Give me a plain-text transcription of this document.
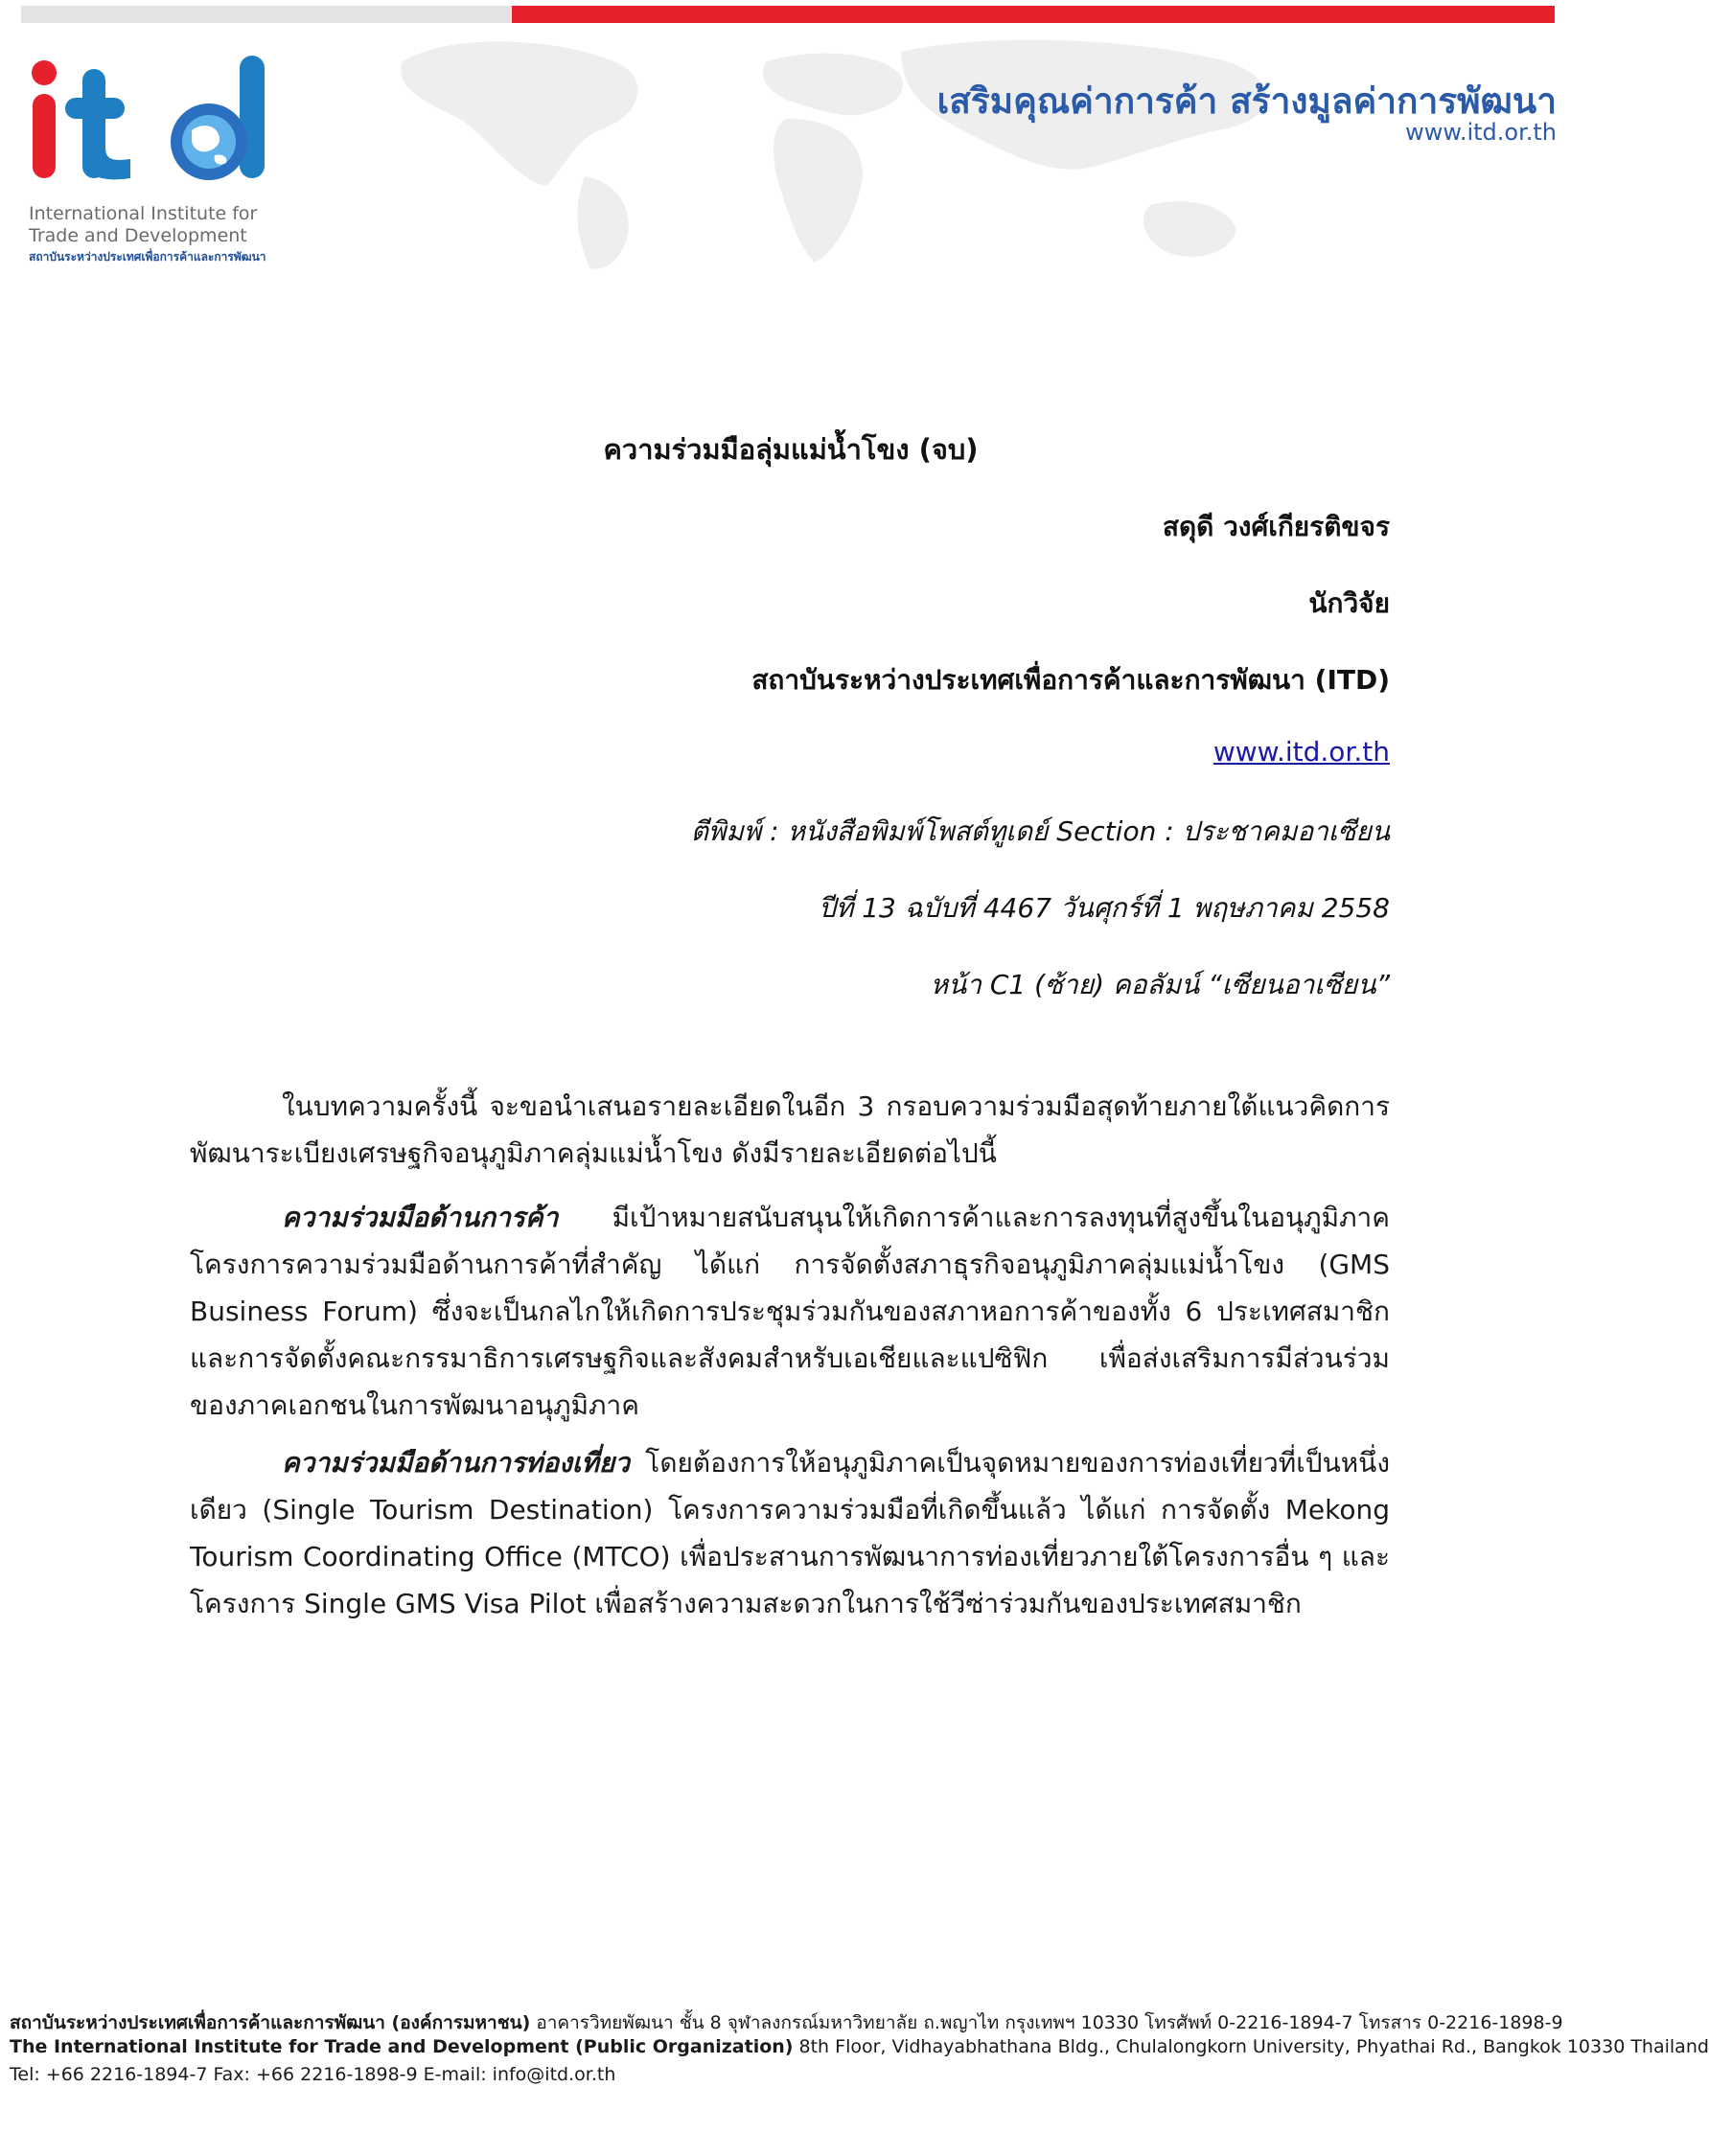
International Institute for
Trade and Development
สถาบันระหว่างประเทศเพื่อการค้าและการพัฒนา
เสริมคุณค่าการค้า สร้างมูลค่าการพัฒนา
www.itd.or.th
ความร่วมมือลุ่มแม่น้ำโขง (จบ)
สดุดี วงศ์เกียรติขจร
นักวิจัย
สถาบันระหว่างประเทศเพื่อการค้าและการพัฒนา (ITD)
www.itd.or.th
ตีพิมพ์ : หนังสือพิมพ์โพสต์ทูเดย์ Section : ประชาคมอาเซียน
ปีที่ 13 ฉบับที่ 4467 วันศุกร์ที่ 1 พฤษภาคม 2558
หน้า C1 (ซ้าย) คอลัมน์ “เซียนอาเซียน”

ในบทความครั้งนี้ จะขอนำเสนอรายละเอียดในอีก 3 กรอบความร่วมมือสุดท้ายภายใต้แนวคิดการพัฒนาระเบียงเศรษฐกิจอนุภูมิภาคลุ่มแม่น้ำโขง ดังมีรายละเอียดต่อไปนี้

ความร่วมมือด้านการค้า มีเป้าหมายสนับสนุนให้เกิดการค้าและการลงทุนที่สูงขึ้นในอนุภูมิภาค โครงการความร่วมมือด้านการค้าที่สำคัญ ได้แก่ การจัดตั้งสภาธุรกิจอนุภูมิภาคลุ่มแม่น้ำโขง (GMS Business Forum) ซึ่งจะเป็นกลไกให้เกิดการประชุมร่วมกันของสภาหอการค้าของทั้ง 6 ประเทศสมาชิก และการจัดตั้งคณะกรรมาธิการเศรษฐกิจและสังคมสำหรับเอเชียและแปซิฟิก เพื่อส่งเสริมการมีส่วนร่วมของภาคเอกชนในการพัฒนาอนุภูมิภาค

ความร่วมมือด้านการท่องเที่ยว โดยต้องการให้อนุภูมิภาคเป็นจุดหมายของการท่องเที่ยวที่เป็นหนึ่งเดียว (Single Tourism Destination) โครงการความร่วมมือที่เกิดขึ้นแล้ว ได้แก่ การจัดตั้ง Mekong Tourism Coordinating Office (MTCO) เพื่อประสานการพัฒนาการท่องเที่ยวภายใต้โครงการอื่น ๆ และโครงการ Single GMS Visa Pilot เพื่อสร้างความสะดวกในการใช้วีซ่าร่วมกันของประเทศสมาชิก

สถาบันระหว่างประเทศเพื่อการค้าและการพัฒนา (องค์การมหาชน) อาคารวิทยพัฒนา ชั้น 8 จุฬาลงกรณ์มหาวิทยาลัย ถ.พญาไท กรุงเทพฯ 10330 โทรศัพท์ 0-2216-1894-7 โทรสาร 0-2216-1898-9
The International Institute for Trade and Development (Public Organization) 8th Floor, Vidhayabhathana Bldg., Chulalongkorn University, Phyathai Rd., Bangkok 10330 Thailand
Tel: +66 2216-1894-7 Fax: +66 2216-1898-9 E-mail: info@itd.or.th
